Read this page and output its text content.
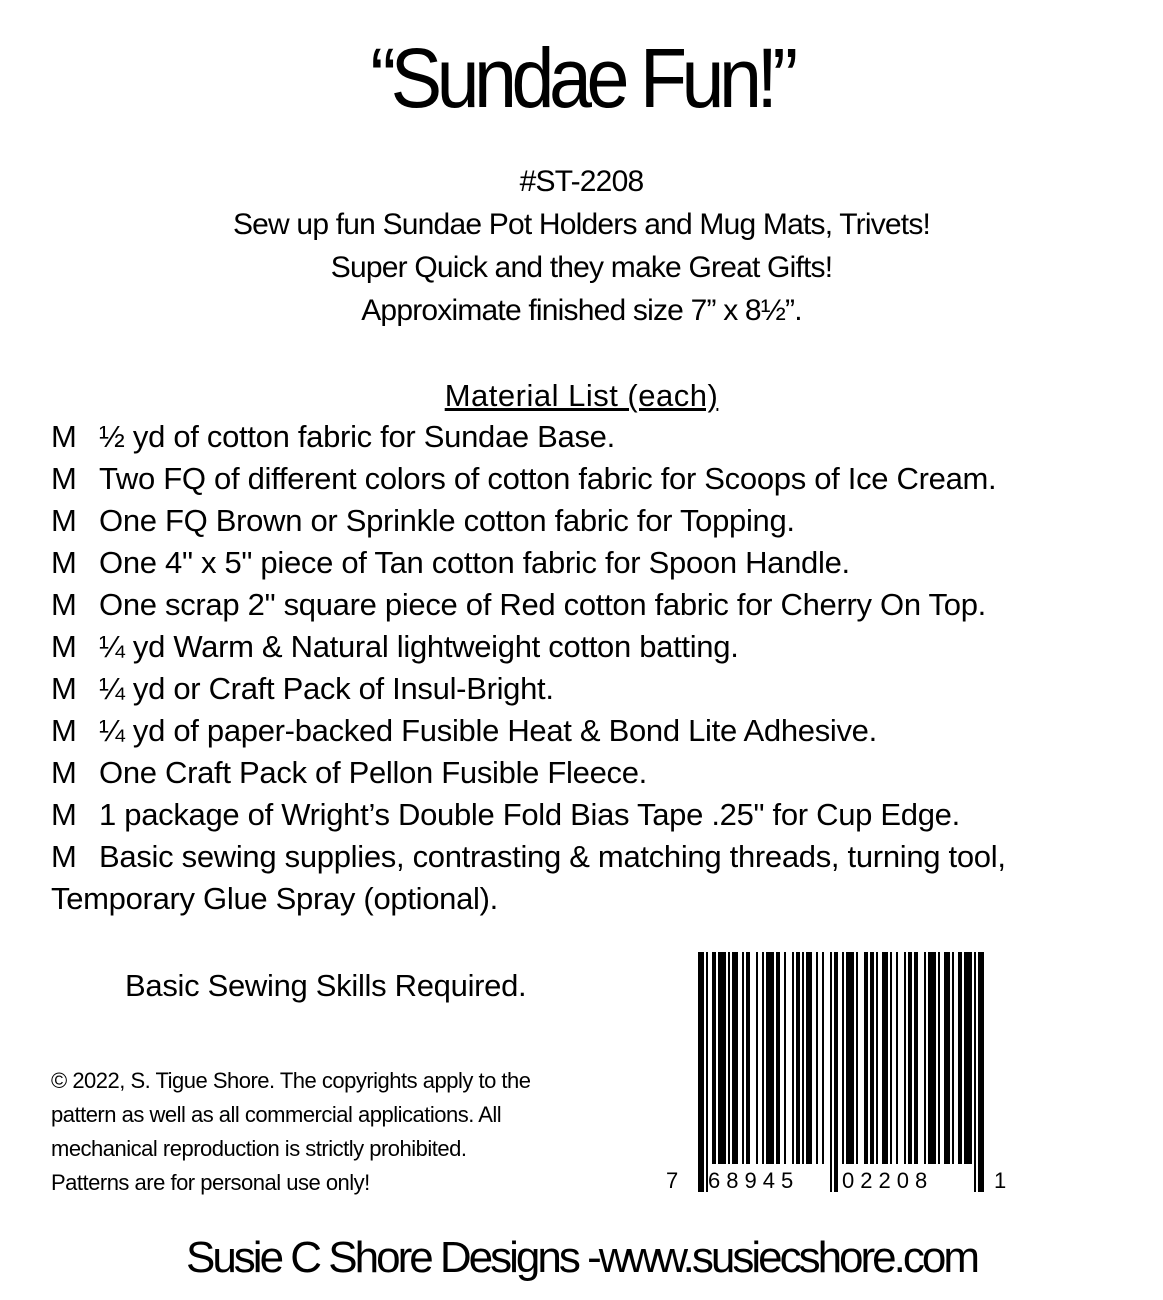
“Sundae Fun!”
#ST-2208
Sew up fun Sundae Pot Holders and Mug Mats, Trivets!
Super Quick and they make Great Gifts!
Approximate finished size 7” x 8½”.
Material List (each)
M ½ yd of cotton fabric for Sundae Base.
M Two FQ of different colors of cotton fabric for Scoops of Ice Cream.
M One FQ Brown or Sprinkle cotton fabric for Topping.
M One 4" x 5" piece of Tan cotton fabric for Spoon Handle.
M One scrap 2" square piece of Red cotton fabric for Cherry On Top.
M ¼ yd Warm & Natural lightweight cotton batting.
M ¼ yd or Craft Pack of Insul-Bright.
M ¼ yd of paper-backed Fusible Heat & Bond Lite Adhesive.
M One Craft Pack of Pellon Fusible Fleece.
M 1 package of Wright’s Double Fold Bias Tape .25" for Cup Edge.
M Basic sewing supplies, contrasting & matching threads, turning tool, Temporary Glue Spray (optional).
Basic Sewing Skills Required.
© 2022, S. Tigue Shore. The copyrights apply to the
pattern as well as all commercial applications. All
mechanical reproduction is strictly prohibited.
Patterns are for personal use only!	7 68945 02208	1
Susie C Shore Designs -www.susiecshore.com
